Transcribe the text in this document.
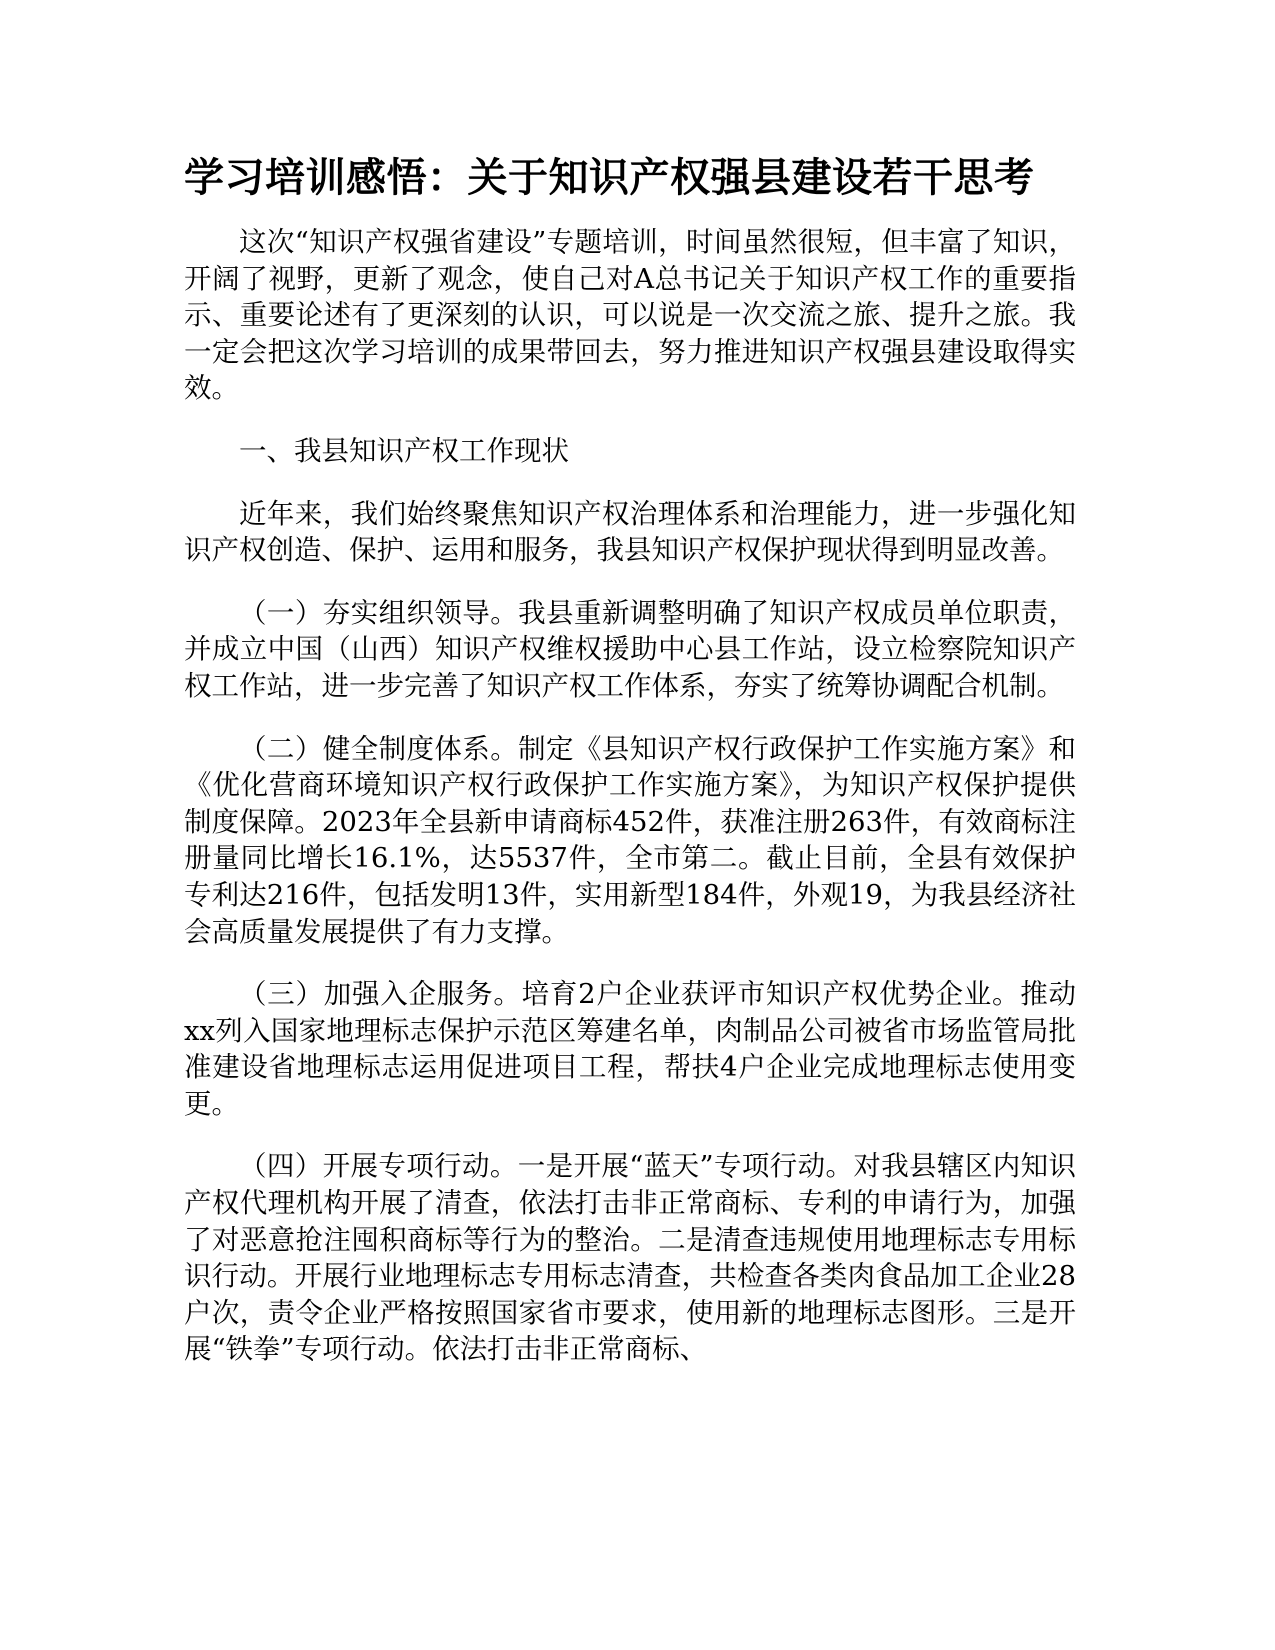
学习培训感悟：关于知识产权强县建设若干思考

这次“知识产权强省建设”专题培训，时间虽然很短，但丰富了知识，开阔了视野，更新了观念，使自己对A总书记关于知识产权工作的重要指示、重要论述有了更深刻的认识，可以说是一次交流之旅、提升之旅。我一定会把这次学习培训的成果带回去，努力推进知识产权强县建设取得实效。

一、我县知识产权工作现状

近年来，我们始终聚焦知识产权治理体系和治理能力，进一步强化知识产权创造、保护、运用和服务，我县知识产权保护现状得到明显改善。

（一）夯实组织领导。我县重新调整明确了知识产权成员单位职责，并成立中国（山西）知识产权维权援助中心县工作站，设立检察院知识产权工作站，进一步完善了知识产权工作体系，夯实了统筹协调配合机制。

（二）健全制度体系。制定《县知识产权行政保护工作实施方案》和《优化营商环境知识产权行政保护工作实施方案》，为知识产权保护提供制度保障。2023年全县新申请商标452件，获准注册263件，有效商标注册量同比增长16.1%，达5537件，全市第二。截止目前，全县有效保护专利达216件，包括发明13件，实用新型184件，外观19，为我县经济社会高质量发展提供了有力支撑。

（三）加强入企服务。培育2户企业获评市知识产权优势企业。推动xx列入国家地理标志保护示范区筹建名单，肉制品公司被省市场监管局批准建设省地理标志运用促进项目工程，帮扶4户企业完成地理标志使用变更。

（四）开展专项行动。一是开展“蓝天”专项行动。对我县辖区内知识产权代理机构开展了清查，依法打击非正常商标、专利的申请行为，加强了对恶意抢注囤积商标等行为的整治。二是清查违规使用地理标志专用标识行动。开展行业地理标志专用标志清查，共检查各类肉食品加工企业28户次，责令企业严格按照国家省市要求，使用新的地理标志图形。三是开展“铁拳”专项行动。依法打击非正常商标、
